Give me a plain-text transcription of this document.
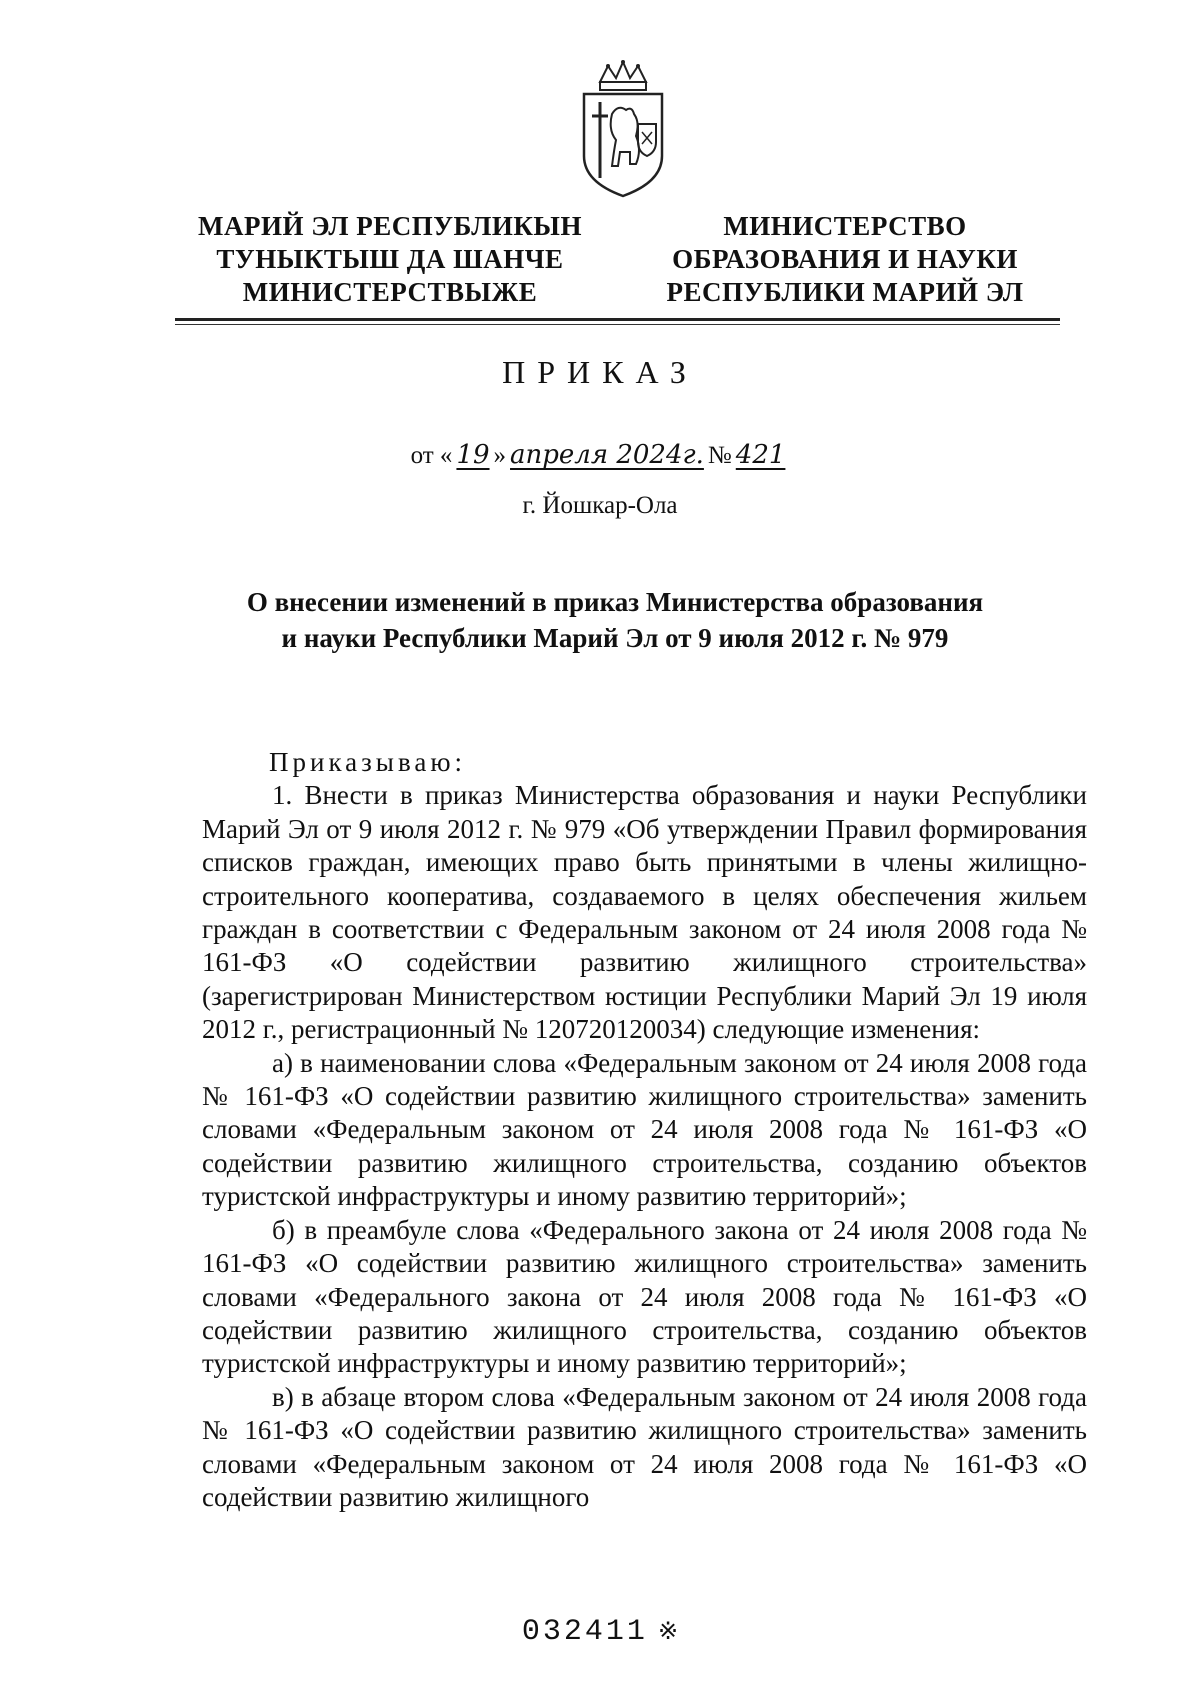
МАРИЙ ЭЛ РЕСПУБЛИКЫН
ТУНЫКТЫШ ДА ШАНЧЕ
МИНИСТЕРСТВЫЖЕ
МИНИСТЕРСТВО
ОБРАЗОВАНИЯ И НАУКИ
РЕСПУБЛИКИ МАРИЙ ЭЛ
ПРИКАЗ
от « 19 » апреля 2024г. № 421
г. Йошкар-Ола
О внесении изменений в приказ Министерства образования
и науки Республики Марий Эл от 9 июля 2012 г. № 979

Приказываю:

1. Внести в приказ Министерства образования и науки Республики Марий Эл от 9 июля 2012 г. № 979 «Об утверждении Правил формирования списков граждан, имеющих право быть принятыми в члены жилищно-строительного кооператива, создаваемого в целях обеспечения жильем граждан в соответствии с Федеральным законом от 24 июля 2008 года № 161-ФЗ «О содействии развитию жилищного строительства» (зарегистрирован Министерством юстиции Республики Марий Эл 19 июля 2012 г., регистрационный № 120720120034) следующие изменения:

а) в наименовании слова «Федеральным законом от 24 июля 2008 года № 161-ФЗ «О содействии развитию жилищного строительства» заменить словами «Федеральным законом от 24 июля 2008 года № 161-ФЗ «О содействии развитию жилищного строительства, созданию объектов туристской инфраструктуры и иному развитию территорий»;

б) в преамбуле слова «Федерального закона от 24 июля 2008 года № 161-ФЗ «О содействии развитию жилищного строительства» заменить словами «Федерального закона от 24 июля 2008 года № 161-ФЗ «О содействии развитию жилищного строительства, созданию объектов туристской инфраструктуры и иному развитию территорий»;

в) в абзаце втором слова «Федеральным законом от 24 июля 2008 года № 161-ФЗ «О содействии развитию жилищного строительства» заменить словами «Федеральным законом от 24 июля 2008 года № 161-ФЗ «О содействии развитию жилищного

032411 ※
